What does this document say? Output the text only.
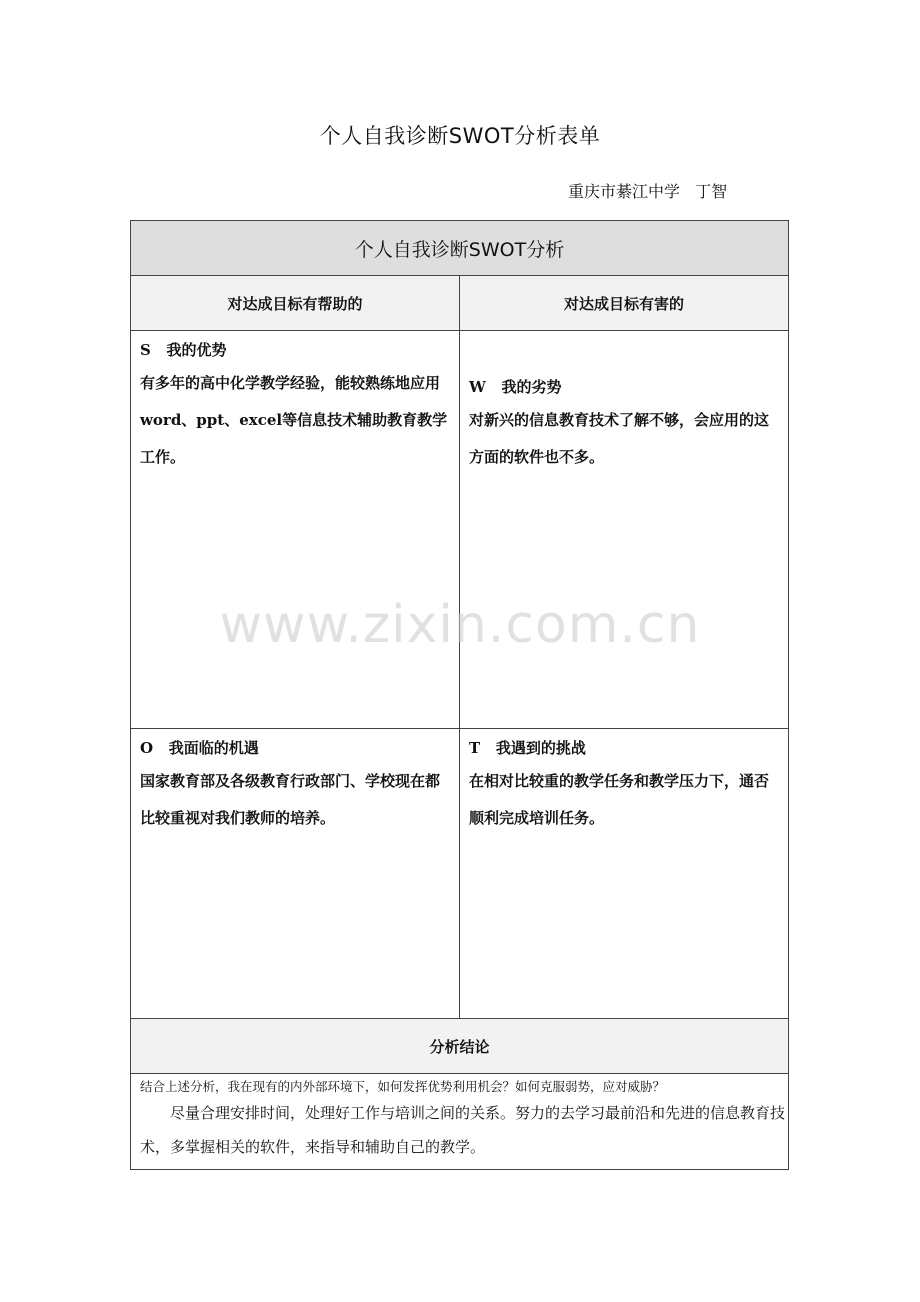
个人自我诊断SWOT分析表单
重庆市綦江中学   丁智
个人自我诊断SWOT分析
对达成目标有帮助的	对达成目标有害的
S   我的优势
有多年的高中化学教学经验，能较熟练地应用word、ppt、excel等信息技术辅助教育教学工作。
W   我的劣势
对新兴的信息教育技术了解不够，会应用的这方面的软件也不多。
O   我面临的机遇
国家教育部及各级教育行政部门、学校现在都比较重视对我们教师的培养。
T   我遇到的挑战
在相对比较重的教学任务和教学压力下，通否顺利完成培训任务。
分析结论
结合上述分析，我在现有的内外部环境下，如何发挥优势利用机会？如何克服弱势，应对威胁？
尽量合理安排时间，处理好工作与培训之间的关系。努力的去学习最前沿和先进的信息教育技术，多掌握相关的软件，来指导和辅助自己的教学。
www.zixin.com.cn
